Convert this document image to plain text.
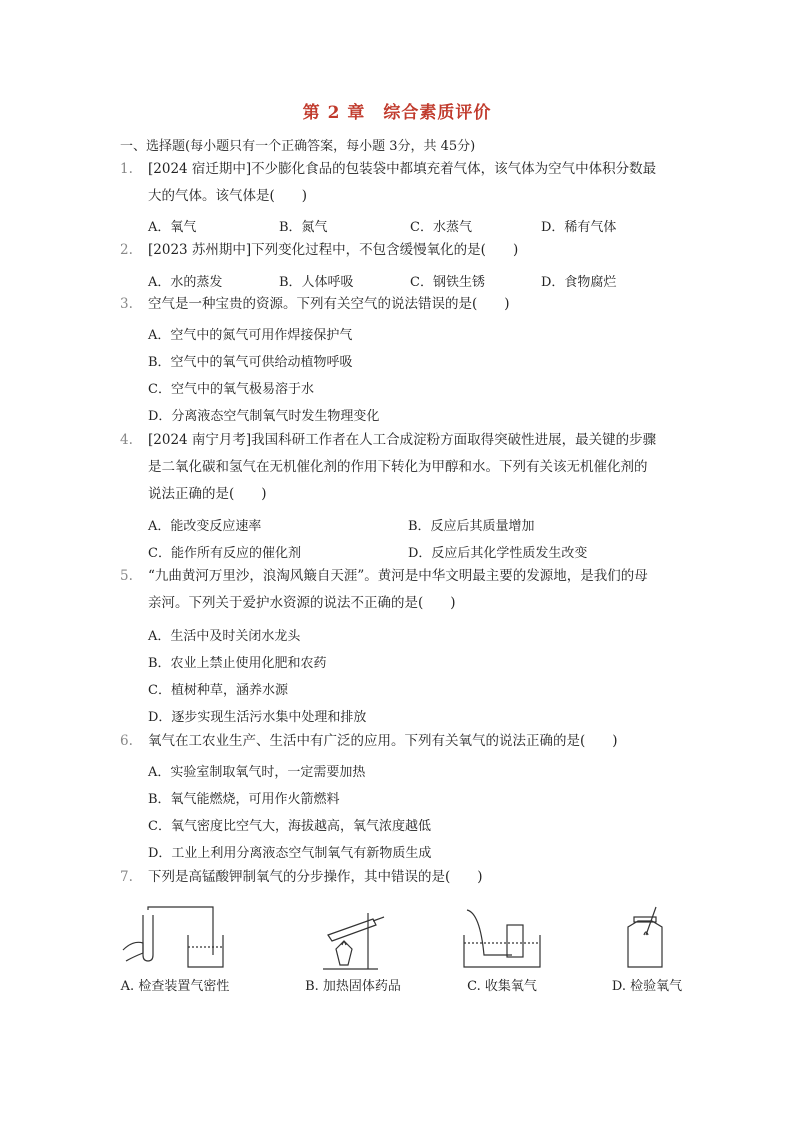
第 2 章　综合素质评价
一、选择题(每小题只有一个正确答案，每小题 3分，共 45分)
1. [2024 宿迁期中]不少膨化食品的包装袋中都填充着气体，该气体为空气中体积分数最
大的气体。该气体是(　　)
A．氧气	B．氮气	C．水蒸气	D．稀有气体
2. [2023 苏州期中]下列变化过程中，不包含缓慢氧化的是(　　)
A．水的蒸发	B．人体呼吸	C．钢铁生锈	D．食物腐烂
3. 空气是一种宝贵的资源。下列有关空气的说法错误的是(　　)
A．空气中的氮气可用作焊接保护气
B．空气中的氧气可供给动植物呼吸
C．空气中的氧气极易溶于水
D．分离液态空气制氧气时发生物理变化
4. [2024 南宁月考]我国科研工作者在人工合成淀粉方面取得突破性进展，最关键的步骤
是二氧化碳和氢气在无机催化剂的作用下转化为甲醇和水。下列有关该无机催化剂的
说法正确的是(　　)
A．能改变反应速率	B．反应后其质量增加
C．能作所有反应的催化剂	D．反应后其化学性质发生改变
5. “九曲黄河万里沙，浪淘风簸自天涯”。黄河是中华文明最主要的发源地，是我们的母
亲河。下列关于爱护水资源的说法不正确的是(　　)
A．生活中及时关闭水龙头
B．农业上禁止使用化肥和农药
C．植树种草，涵养水源
D．逐步实现生活污水集中处理和排放
6. 氧气在工农业生产、生活中有广泛的应用。下列有关氧气的说法正确的是(　　)
A．实验室制取氧气时，一定需要加热
B．氧气能燃烧，可用作火箭燃料
C．氧气密度比空气大，海拔越高，氧气浓度越低
D．工业上利用分离液态空气制氧气有新物质生成
7. 下列是高锰酸钾制氧气的分步操作，其中错误的是(　　)
A. 检查装置气密性	B. 加热固体药品	C. 收集氧气	D. 检验氧气
